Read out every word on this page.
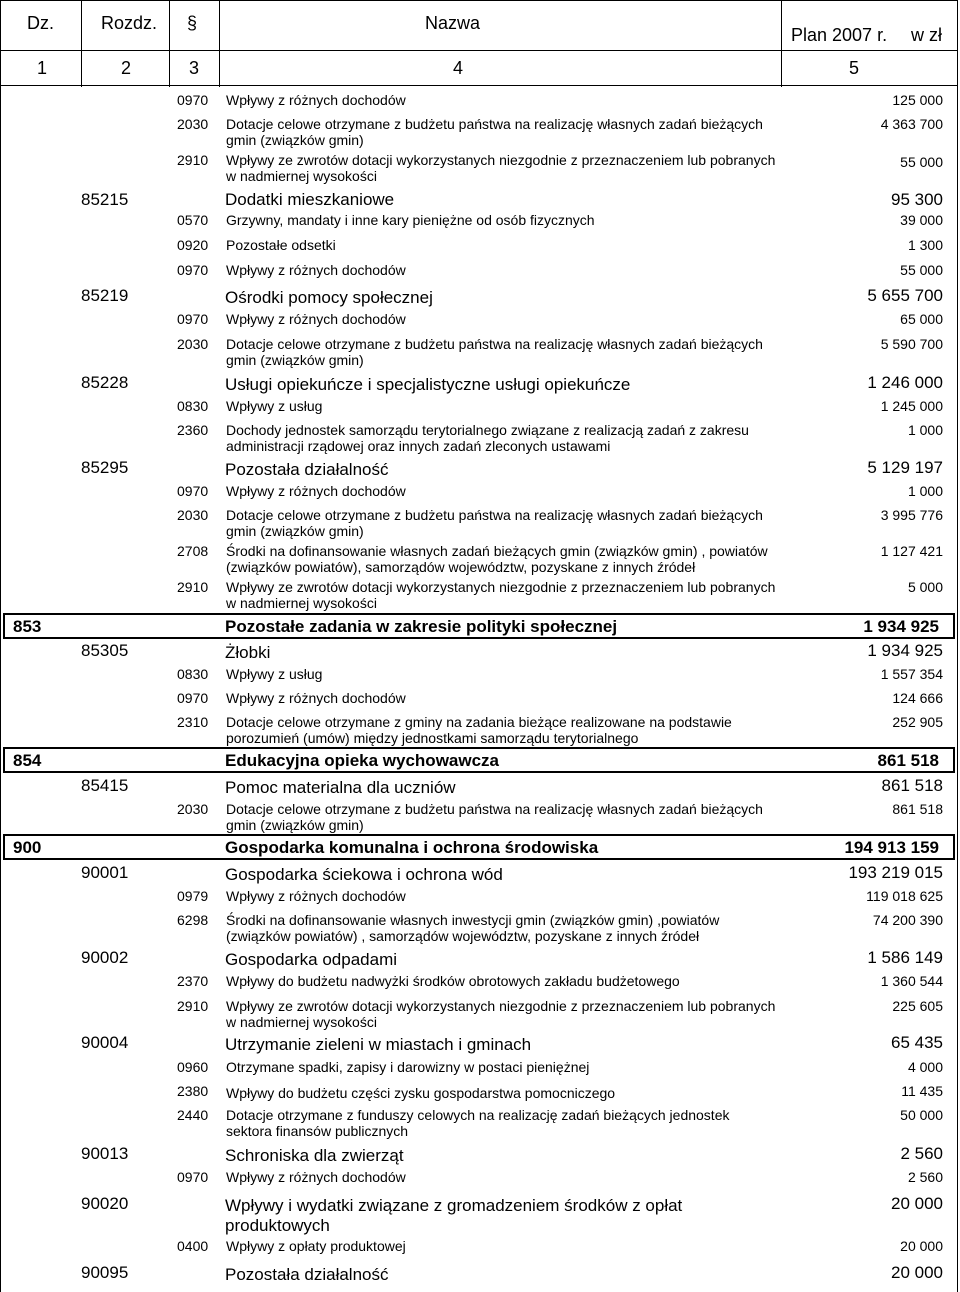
Dz.	Rozdz. §	Nazwa
Plan 2007 r. w zł
1	2	3	4	5
0970 Wpływy z różnych dochodów	125 000
2030 Dotacje celowe otrzymane z budżetu państwa na realizację własnych zadań bieżących gmin (związków gmin)
4 363 700
2910 Wpływy ze zwrotów dotacji wykorzystanych niezgodnie z przeznaczeniem lub pobranych w nadmiernej wysokości
55 000
85215	Dodatki mieszkaniowe	95 300
0570 Grzywny, mandaty i inne kary pieniężne od osób fizycznych	39 000
0920 Pozostałe odsetki	1 300
0970 Wpływy z różnych dochodów	55 000
85219	Ośrodki pomocy społecznej	5 655 700
0970 Wpływy z różnych dochodów	65 000
2030 Dotacje celowe otrzymane z budżetu państwa na realizację własnych zadań bieżących gmin (związków gmin)
5 590 700
85228	Usługi opiekuńcze i specjalistyczne usługi opiekuńcze	1 246 000
0830 Wpływy z usług	1 245 000
2360 Dochody jednostek samorządu terytorialnego związane z realizacją zadań z zakresu administracji rządowej oraz innych zadań zleconych ustawami
1 000
85295	Pozostała działalność	5 129 197
0970 Wpływy z różnych dochodów	1 000
2030 Dotacje celowe otrzymane z budżetu państwa na realizację własnych zadań bieżących gmin (związków gmin)
3 995 776
2708 Środki na dofinansowanie własnych zadań bieżących gmin (związków gmin) , powiatów (związków powiatów), samorządów województw, pozyskane z innych źródeł
1 127 421
2910 Wpływy ze zwrotów dotacji wykorzystanych niezgodnie z przeznaczeniem lub pobranych w nadmiernej wysokości
5 000
853	Pozostałe zadania w zakresie polityki społecznej	1 934 925
85305	Żłobki	1 934 925
0830 Wpływy z usług	1 557 354
0970 Wpływy z różnych dochodów	124 666
2310 Dotacje celowe otrzymane z gminy na zadania bieżące realizowane na podstawie porozumień (umów) między jednostkami samorządu terytorialnego
252 905
854	Edukacyjna opieka wychowawcza	861 518
85415	Pomoc materialna dla uczniów	861 518
2030 Dotacje celowe otrzymane z budżetu państwa na realizację własnych zadań bieżących gmin (związków gmin)
861 518
900	Gospodarka komunalna i ochrona środowiska	194 913 159
90001	Gospodarka ściekowa i ochrona wód	193 219 015
0979 Wpływy z różnych dochodów	119 018 625
6298 Środki na dofinansowanie własnych inwestycji gmin (związków gmin) ,powiatów (związków powiatów) , samorządów województw, pozyskane z innych źródeł
74 200 390
90002	Gospodarka odpadami	1 586 149
2370 Wpływy do budżetu nadwyżki środków obrotowych zakładu budżetowego	1 360 544
2910 Wpływy ze zwrotów dotacji wykorzystanych niezgodnie z przeznaczeniem lub pobranych w nadmiernej wysokości
225 605
90004	Utrzymanie zieleni w miastach i gminach	65 435
0960 Otrzymane spadki, zapisy i darowizny w postaci pieniężnej	4 000
2380 Wpływy do budżetu części zysku gospodarstwa pomocniczego	11 435
2440 Dotacje otrzymane z funduszy celowych na realizację zadań bieżących jednostek sektora finansów publicznych
50 000
90013	Schroniska dla zwierząt	2 560
0970 Wpływy z różnych dochodów	2 560
90020	Wpływy i wydatki związane z gromadzeniem środków z opłat produktowych
20 000
0400 Wpływy z opłaty produktowej	20 000
90095	Pozostała działalność	20 000
